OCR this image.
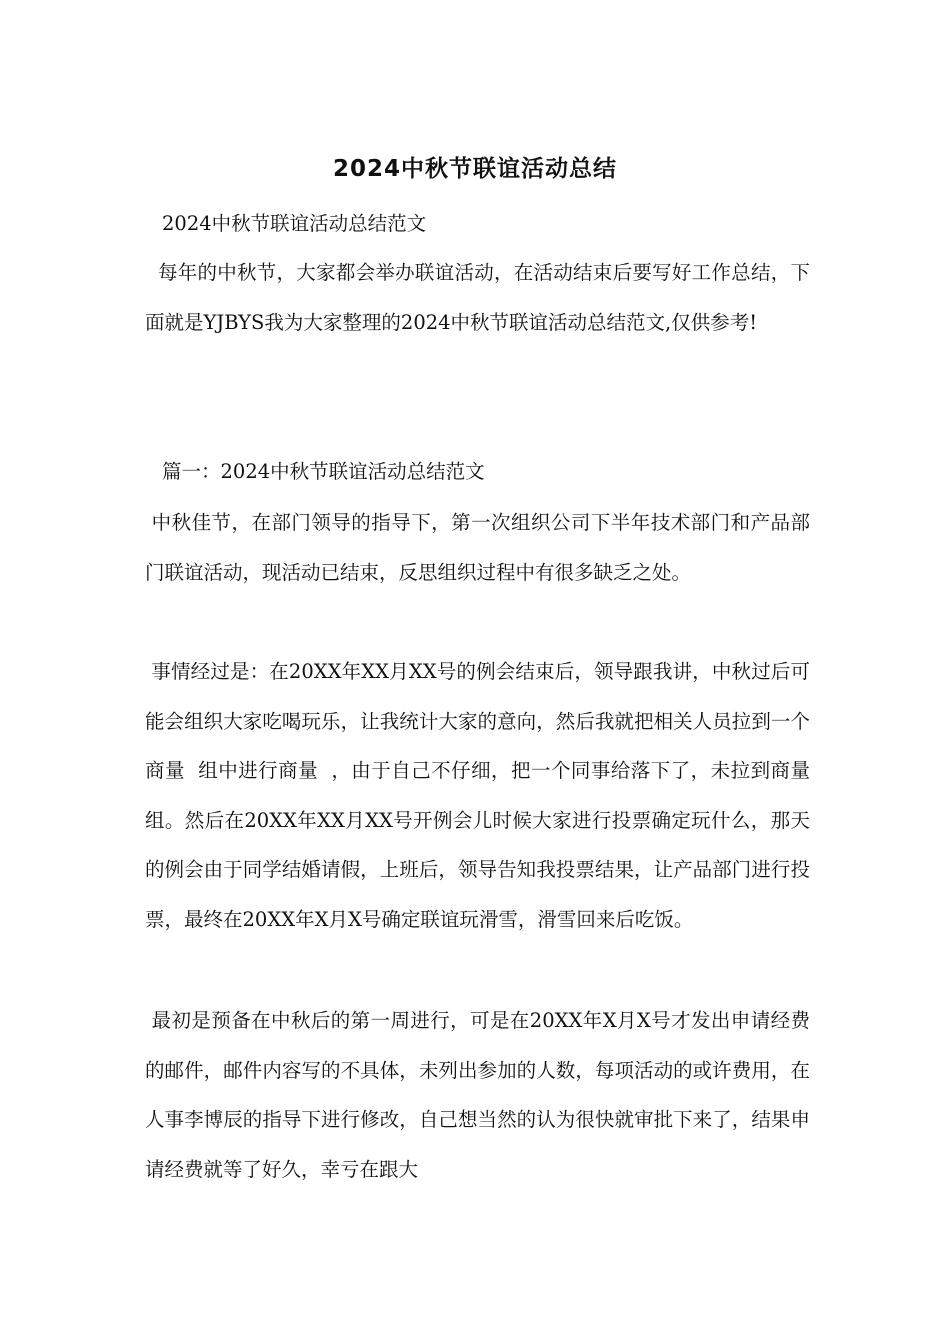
2024中秋节联谊活动总结
2024中秋节联谊活动总结范文
每年的中秋节，大家都会举办联谊活动，在活动结束后要写好工作总结，下面就是YJBYS我为大家整理的2024中秋节联谊活动总结范文,仅供参考!
篇一：2024中秋节联谊活动总结范文
中秋佳节，在部门领导的指导下，第一次组织公司下半年技术部门和产品部门联谊活动，现活动已结束，反思组织过程中有很多缺乏之处。
事情经过是：在20XX年XX月XX号的例会结束后，领导跟我讲，中秋过后可能会组织大家吃喝玩乐，让我统计大家的意向，然后我就把相关人员拉到一个商量  组中进行商量  ，由于自己不仔细，把一个同事给落下了，未拉到商量  组。然后在20XX年XX月XX号开例会儿时候大家进行投票确定玩什么，那天的例会由于同学结婚请假，上班后，领导告知我投票结果，让产品部门进行投票，最终在20XX年X月X号确定联谊玩滑雪，滑雪回来后吃饭。
最初是预备在中秋后的第一周进行，可是在20XX年X月X号才发出申请经费的邮件，邮件内容写的不具体，未列出参加的人数，每项活动的或许费用，在人事李博辰的指导下进行修改，自己想当然的认为很快就审批下来了，结果申请经费就等了好久，幸亏在跟大
